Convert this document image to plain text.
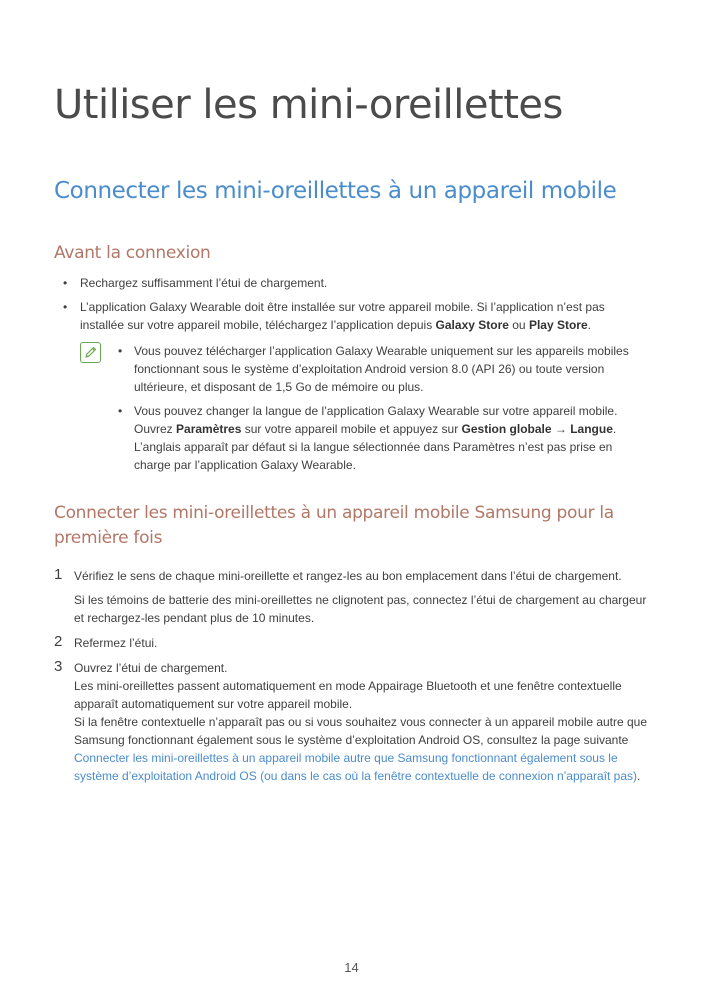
Utiliser les mini-oreillettes
Connecter les mini-oreillettes à un appareil mobile
Avant la connexion
• Rechargez suffisamment l’étui de chargement.
• L’application Galaxy Wearable doit être installée sur votre appareil mobile. Si l’application n’est pas installée sur votre appareil mobile, téléchargez l’application depuis Galaxy Store ou Play Store.
• Vous pouvez télécharger l’application Galaxy Wearable uniquement sur les appareils mobiles fonctionnant sous le système d’exploitation Android version 8.0 (API 26) ou toute version ultérieure, et disposant de 1,5 Go de mémoire ou plus.
• Vous pouvez changer la langue de l’application Galaxy Wearable sur votre appareil mobile. Ouvrez Paramètres sur votre appareil mobile et appuyez sur Gestion globale → Langue. L’anglais apparaît par défaut si la langue sélectionnée dans Paramètres n’est pas prise en charge par l’application Galaxy Wearable.
Connecter les mini-oreillettes à un appareil mobile Samsung pour la première fois
1 Vérifiez le sens de chaque mini-oreillette et rangez-les au bon emplacement dans l’étui de chargement.
Si les témoins de batterie des mini-oreillettes ne clignotent pas, connectez l’étui de chargement au chargeur et rechargez-les pendant plus de 10 minutes.
2 Refermez l’étui.
3 Ouvrez l’étui de chargement.
Les mini-oreillettes passent automatiquement en mode Appairage Bluetooth et une fenêtre contextuelle apparaît automatiquement sur votre appareil mobile.
Si la fenêtre contextuelle n’apparaît pas ou si vous souhaitez vous connecter à un appareil mobile autre que Samsung fonctionnant également sous le système d’exploitation Android OS, consultez la page suivante Connecter les mini-oreillettes à un appareil mobile autre que Samsung fonctionnant également sous le système d’exploitation Android OS (ou dans le cas où la fenêtre contextuelle de connexion n’apparaît pas).
14
